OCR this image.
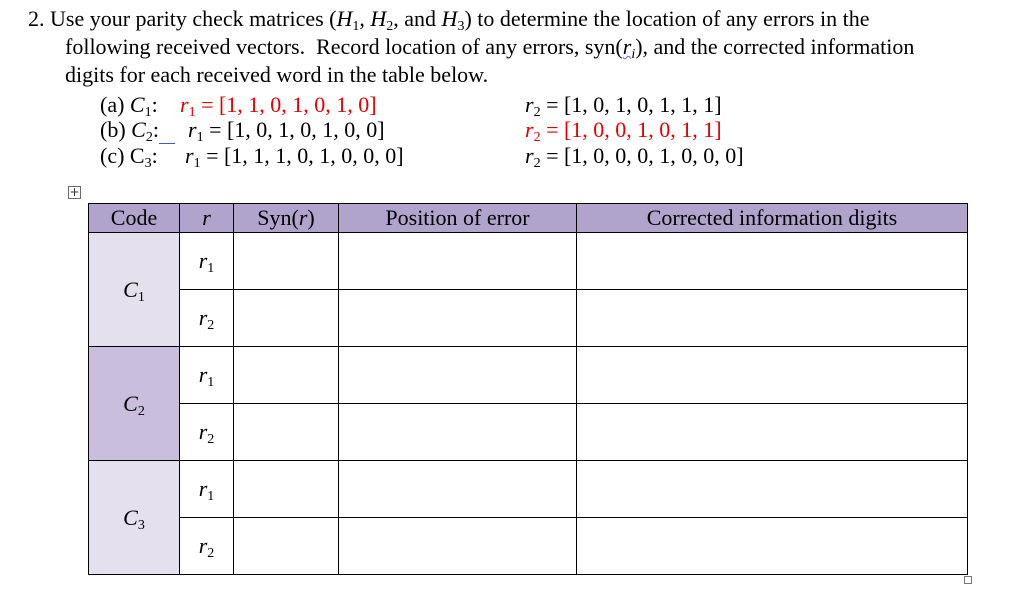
2. Use your parity check matrices ($H_1$, $H_2$, and $H_3$) to determine the location of any errors in the
following received vectors.  Record location of any errors, $syn(r_i)$, and the corrected information
digits for each received word in the table below.
(a) $C_1$: $r_1 = [1$, 1, 0, 1, 0, 1, 0]	$r_2 = [1$, 0, 1, 0, 1, 1, 1]
(b) $C_2$:	$r_1 = [1$, 0, 1, 0, 1, 0, 0]	$r_2 = [1$, 0, 0, 1, 0, 1, 1]
(c) $C_3$: $r_1 = [1$, 1, 1, 0, 1, 0, 0, 0]	$r_2 = [1$, 0, 0, 0, 1, 0, 0, 0]
+
Code	r	Syn(r)	Position of error	Corrected information digits
$C_1$	$r_1$			
	$r_2$			
$C_2$	$r_1$			
	$r_2$			
$C_3$	$r_1$			
	$r_2$			
